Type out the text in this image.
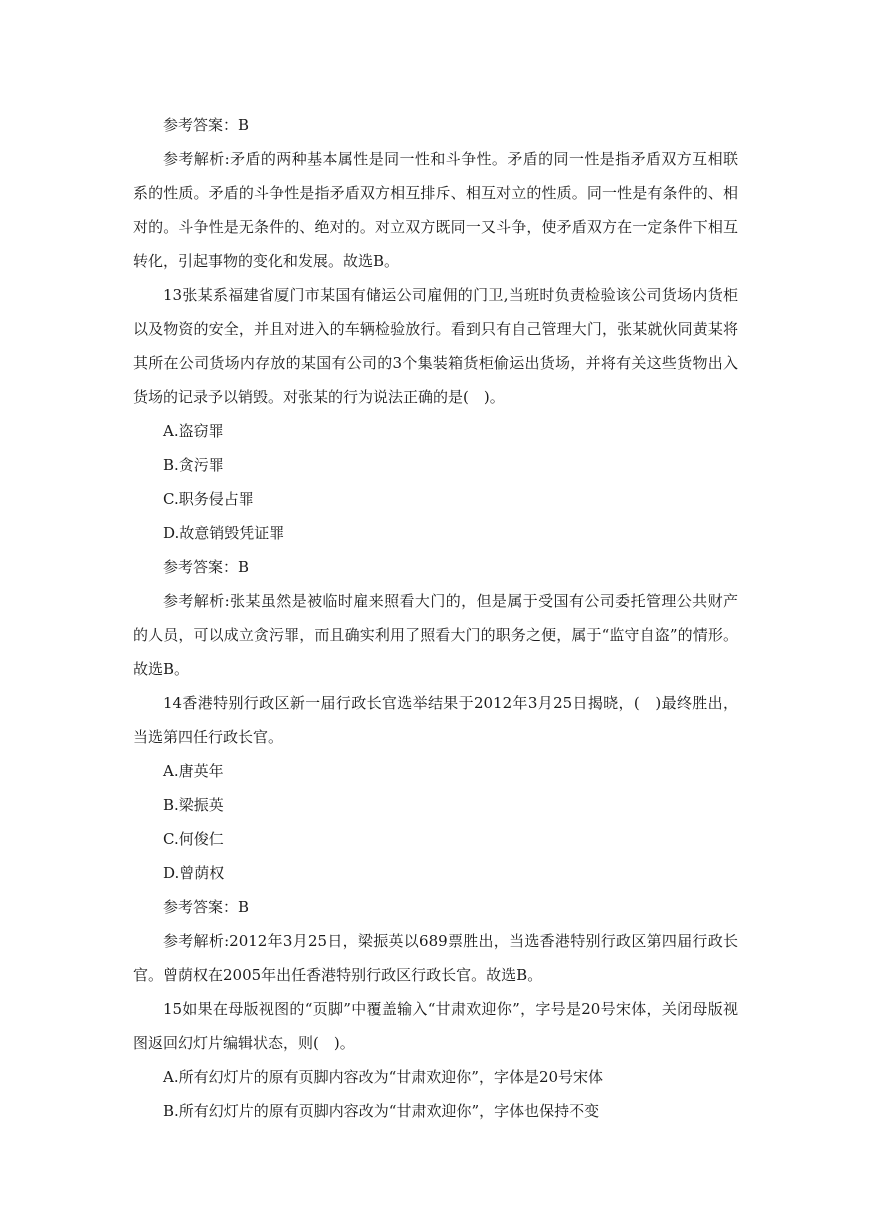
参考答案：B

参考解析:矛盾的两种基本属性是同一性和斗争性。矛盾的同一性是指矛盾双方互相联系的性质。矛盾的斗争性是指矛盾双方相互排斥、相互对立的性质。同一性是有条件的、相对的。斗争性是无条件的、绝对的。对立双方既同一又斗争，使矛盾双方在一定条件下相互转化，引起事物的变化和发展。故选B。

13张某系福建省厦门市某国有储运公司雇佣的门卫,当班时负责检验该公司货场内货柜以及物资的安全，并且对进入的车辆检验放行。看到只有自己管理大门，张某就伙同黄某将其所在公司货场内存放的某国有公司的3个集装箱货柜偷运出货场，并将有关这些货物出入货场的记录予以销毁。对张某的行为说法正确的是(　)。

A.盗窃罪

B.贪污罪

C.职务侵占罪

D.故意销毁凭证罪

参考答案：B

参考解析:张某虽然是被临时雇来照看大门的，但是属于受国有公司委托管理公共财产的人员，可以成立贪污罪，而且确实利用了照看大门的职务之便，属于“监守自盗”的情形。故选B。

14香港特别行政区新一届行政长官选举结果于2012年3月25日揭晓，(　)最终胜出，当选第四任行政长官。

A.唐英年

B.梁振英

C.何俊仁

D.曾荫权

参考答案：B

参考解析:2012年3月25日，梁振英以689票胜出，当选香港特别行政区第四届行政长官。曾荫权在2005年出任香港特别行政区行政长官。故选B。

15如果在母版视图的“页脚”中覆盖输入“甘肃欢迎你”，字号是20号宋体，关闭母版视图返回幻灯片编辑状态，则(　)。

A.所有幻灯片的原有页脚内容改为“甘肃欢迎你”，字体是20号宋体

B.所有幻灯片的原有页脚内容改为“甘肃欢迎你”，字体也保持不变
